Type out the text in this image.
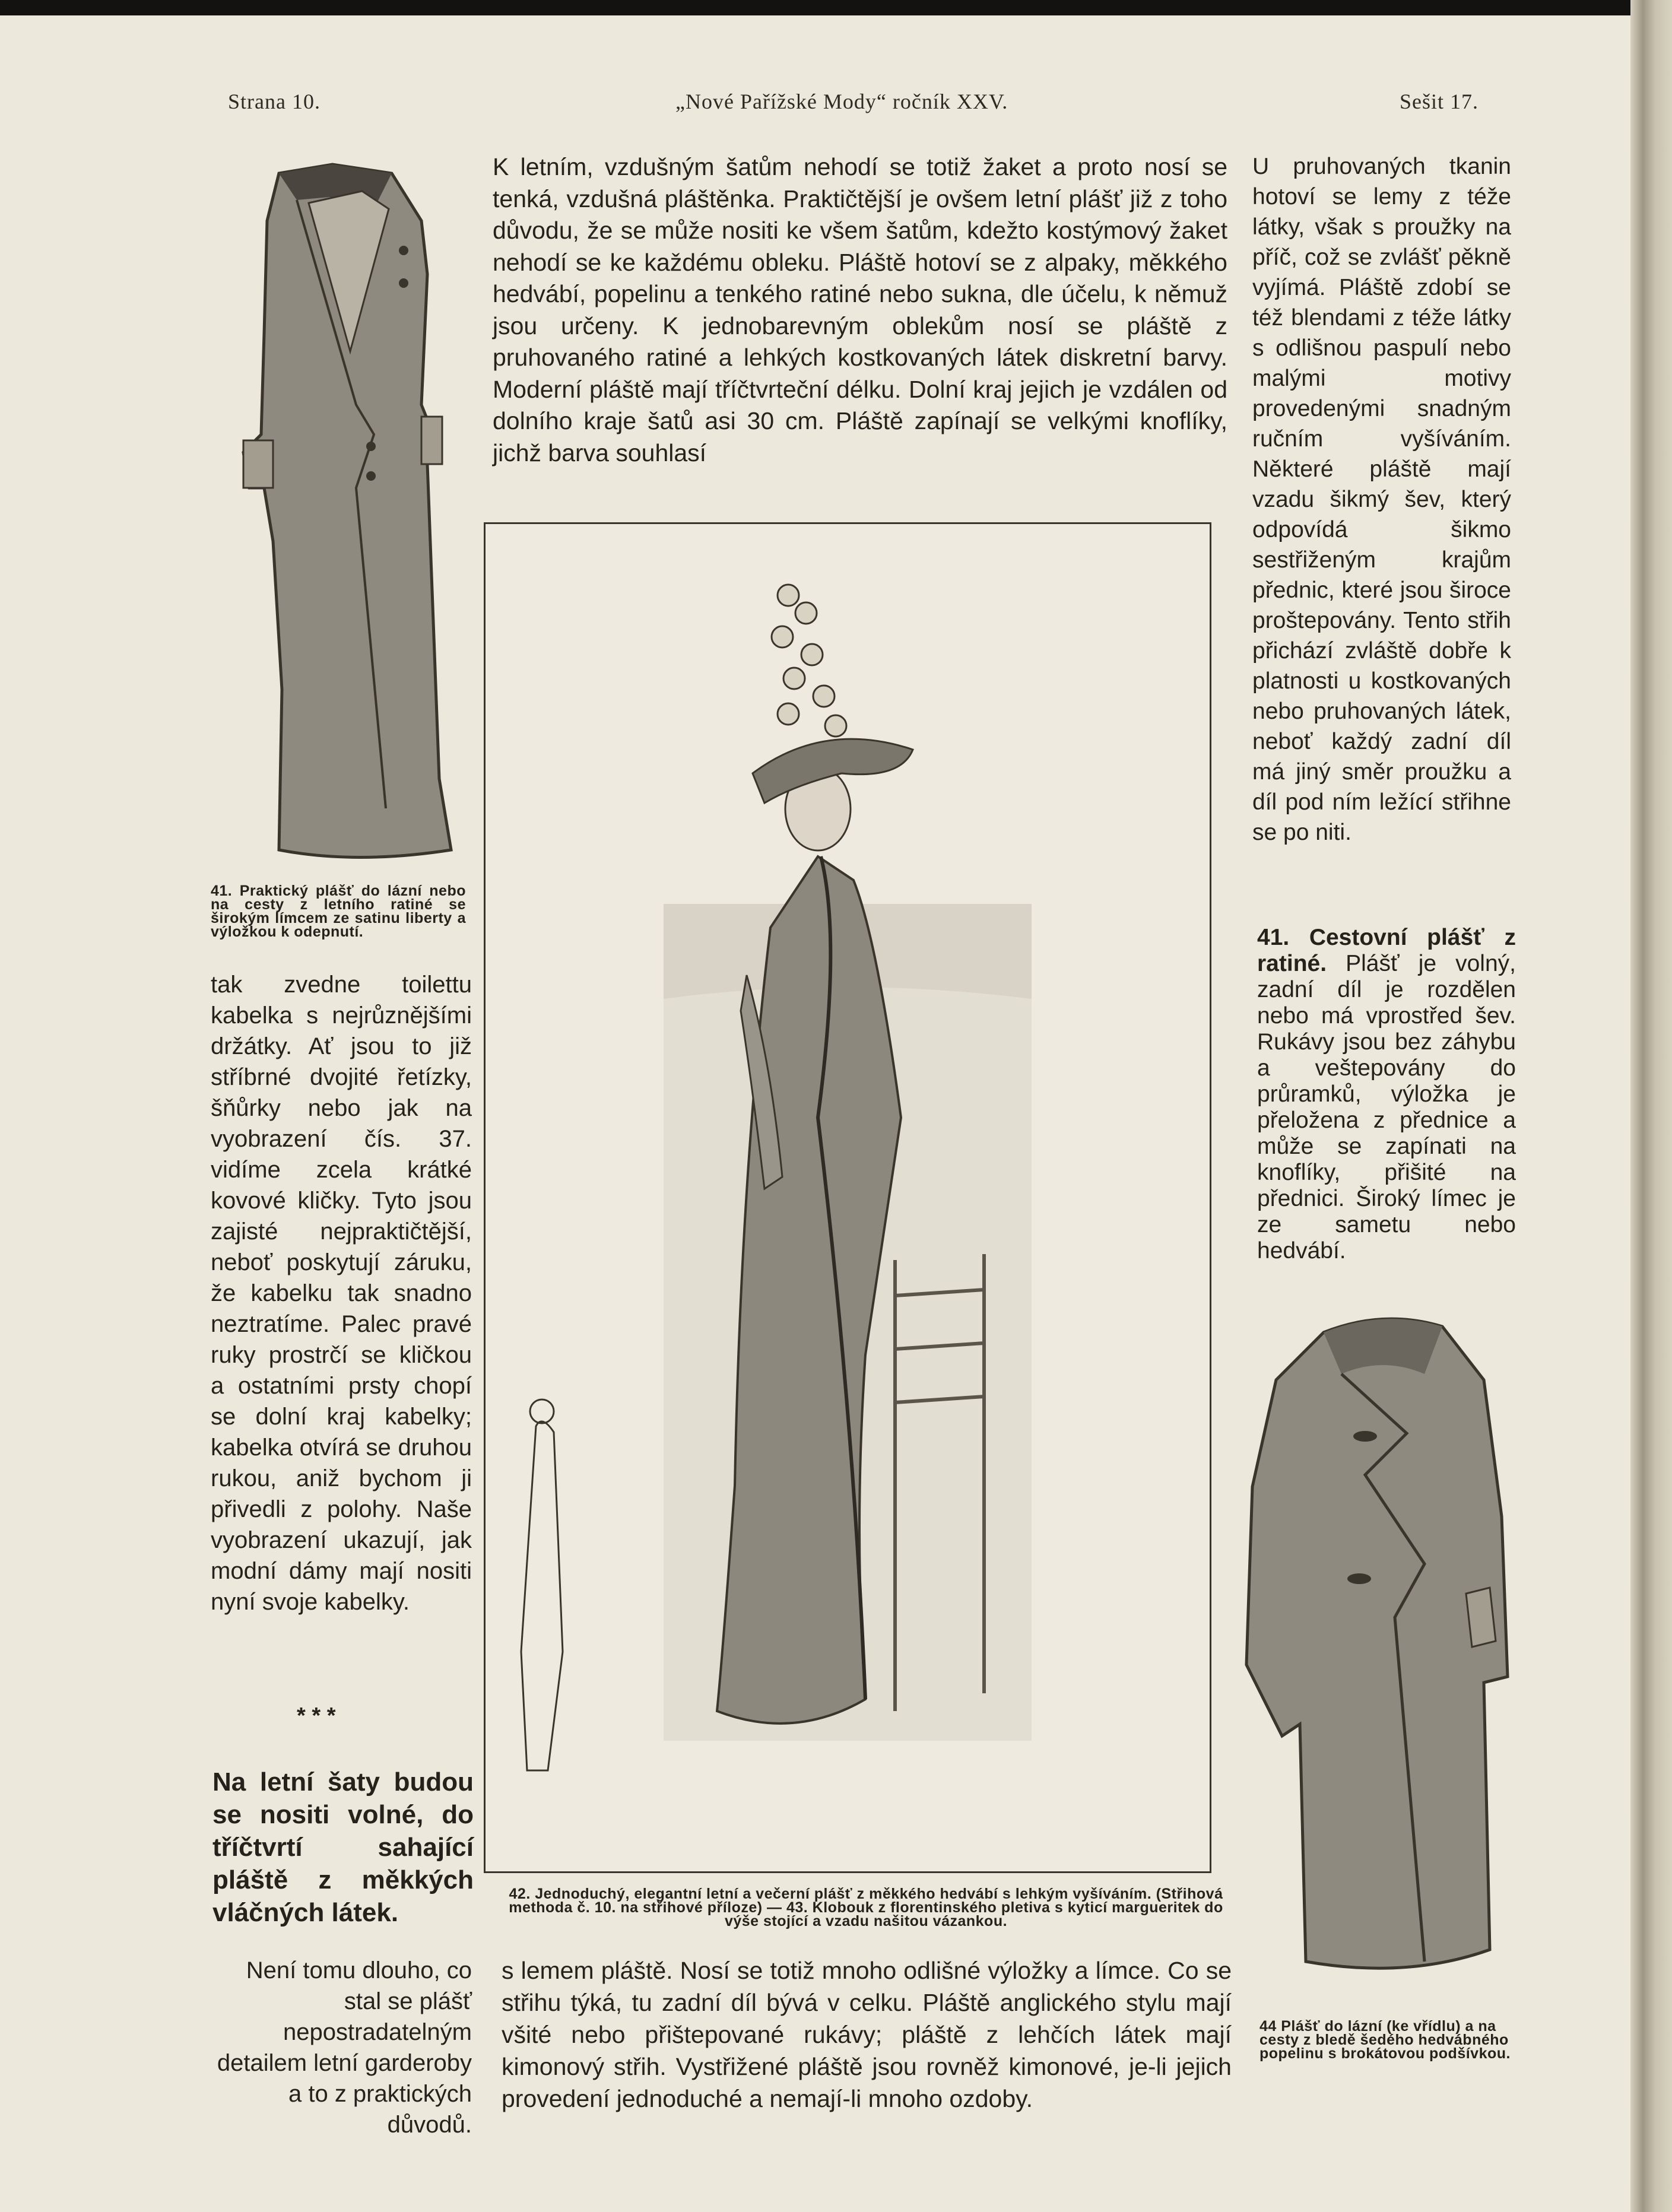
Strana 10.	„Nové Pařížské Mody“ ročník XXV.	Sešit 17.
41. Praktický plášť do lázní nebo na cesty z letního ratiné se širokým límcem ze satinu liberty a výložkou k odepnutí.
K letním, vzdušným šatům nehodí se totiž žaket a proto nosí se tenká, vzdušná pláštěnka. Praktičtější je ovšem letní plášť již z toho důvodu, že se může nositi ke všem šatům, kdežto kostýmový žaket nehodí se ke každému obleku. Pláště hotoví se z alpaky, měkkého hedvábí, popelinu a tenkého ratiné nebo sukna, dle účelu, k němuž jsou určeny. K jednobarevným oblekům nosí se pláště z pruhovaného ratiné a lehkých kostkovaných látek diskretní barvy. Moderní pláště mají tříčtvrteční délku. Dolní kraj jejich je vzdálen od dolního kraje šatů asi 30 cm. Pláště zapínají se velkými knoflíky, jichž barva souhlasí
U pruhovaných tkanin hotoví se lemy z téže látky, však s proužky na příč, což se zvlášť pěkně vyjímá. Pláště zdobí se též blendami z téže látky s odlišnou paspulí nebo malými motivy provedenými snadným ručním vyšíváním. Některé pláště mají vzadu šikmý šev, který odpovídá šikmo sestřiženým krajům přednic, které jsou široce proštepovány. Tento střih přichází zvláště dobře k platnosti u kostkovaných nebo pruhovaných látek, neboť každý zadní díl má jiný směr proužku a díl pod ním ležící střihne se po niti.
41. Cestovní plášť z ratiné. Plášť je volný, zadní díl je rozdělen nebo má vprostřed šev. Rukávy jsou bez záhybu a veštepovány do průramků, výložka je přeložena z přednice a může se zapínati na knoflíky, přišité na přednici. Široký límec je ze sametu nebo hedvábí.
42. Jednoduchý, elegantní letní a večerní plášť z měkkého hedvábí s lehkým vyšíváním. (Střihová methoda č. 10. na střihové příloze) — 43. Klobouk z florentinského pletiva s kyticí margueritek do výše stojící a vzadu našitou vázankou.
tak zvedne toilettu kabelka s nejrůznějšími držátky. Ať jsou to již stříbrné dvojité řetízky, šňůrky nebo jak na vyobrazení čís. 37. vidíme zcela krátké kovové kličky. Tyto jsou zajisté nejpraktičtější, neboť poskytují záruku, že kabelku tak snadno neztratíme. Palec pravé ruky prostrčí se kličkou a ostatními prsty chopí se dolní kraj kabelky; kabelka otvírá se druhou rukou, aniž bychom ji přivedli z polohy. Naše vyobrazení ukazují, jak modní dámy mají nositi nyní svoje kabelky.
* * *
Na letní šaty budou se nositi volné, do tříčtvrtí sahající pláště z měkkých vláčných látek.
Není tomu dlouho, co stal se plášť nepostradatelným detailem letní garderoby a to z praktických důvodů.
s lemem pláště. Nosí se totiž mnoho odlišné výložky a límce. Co se střihu týká, tu zadní díl bývá v celku. Pláště anglického stylu mají všité nebo přištepované rukávy; pláště z lehčích látek mají kimonový střih. Vystřižené pláště jsou rovněž kimonové, je-li jejich provedení jednoduché a nemají-li mnoho ozdoby.
44 Plášť do lázní (ke vřídlu) a na cesty z bledě šedého hedvábného popelinu s brokátovou podšívkou.
